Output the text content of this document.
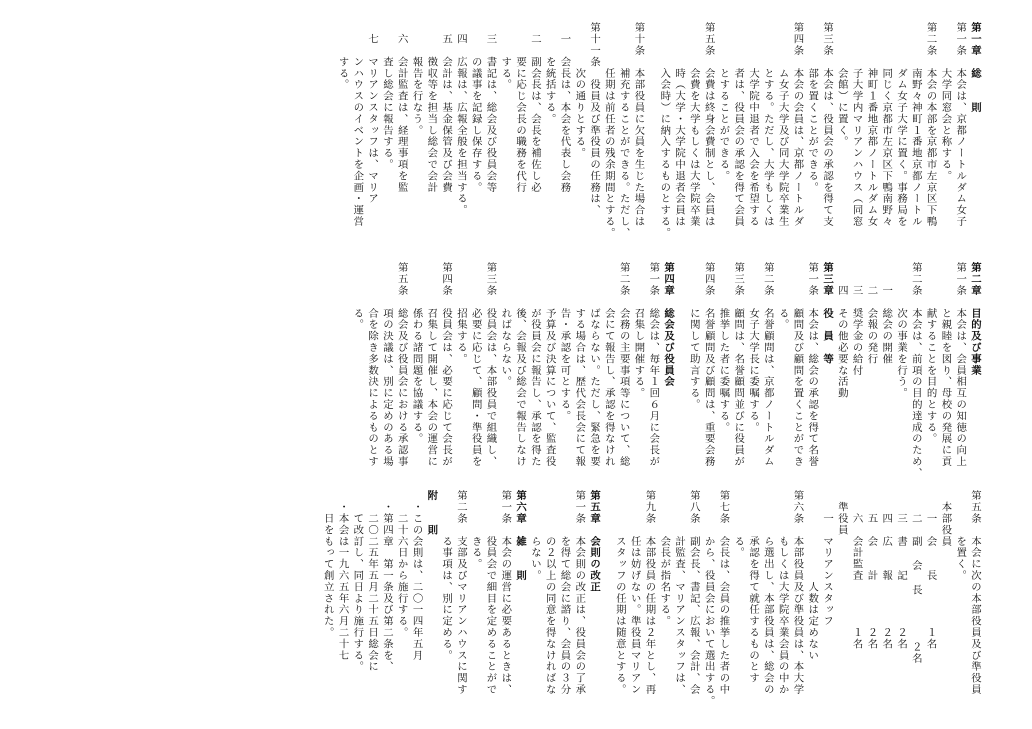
第一章　総　　則
第一条　本会は、京都ノートルダム女子
　　　　大学同窓会と称する。
第二条　本会の本部を京都市左京区下鴨
　　　　南野々神町１番地京都ノートル
　　　　ダム女子大学に置く。事務局を
　　　　同じく京都市左京区下鴨南野々
　　　　神町１番地京都ノートルダム女
　　　　子大学内マリアンハウス（同窓
　　　　会館）に置く。
第三条　本会は、役員会の承認を得て支
　　　　部を置くことができる。
第四条　本会の会員は、京都ノートルダ
　　　　ム女子大学及び同大学院卒業生
　　　　とする。ただし、大学もしくは
　　　　大学院中退者で入会を希望する
　　　　者は、役員会の承認を得て会員
　　　　とすることができる。
第五条　会費は終身会費制とし、会員は
　　　　会費を大学もしくは大学院卒業
　　　　時（大学・大学院中退者会員は
　　　　入会時）に納入するものとする。
第十条　本部役員に欠員を生じた場合は
　　　　補充することができる。ただし、
　　　　任期は前任者の残余期間とする。
第十一条　役員及び準役員の任務は、
　　　　次の通りとする。
　一　会長は、本会を代表し会務
　　　を統括する。
　二　副会長は、会長を補佐し必
　　　要に応じ会長の職務を代行
　　　する。
　三　書記は、総会及び役員会等
　　　の議事を記録し保存する。
　四　広報は、広報全般を担当する。
　五　会計は、基金保管及び会費
　　　徴収等を担当し総会で会計
　　　報告を行なう。
　六　会計監査は、経理事項を監
　　　査し総会に報告する。
　七　マリアンスタッフは、マリア
　　　ンハウスのイベントを企画・運営
　　　する。
第二章　目的及び事業
第一条　本会は、会員相互の知徳の向上
　　　　と親睦を図り、母校の発展に貢
　　　　献することを目的とする。
第二条　本会は、前項の目的達成のため、
　　　　次の事業を行う。
　　一　総会の開催
　　二　会報の発行
　　三　奨学金の給付
　　四　その他必要な活動
第三章　役　員　等
第一条　本会は、総会の承認を得て名誉
　　　　顧問及び顧問を置くことができ
　　　　る。
第二条　名誉顧問は、京都ノートルダム
　　　　女子大学長に委嘱する。
第三条　顧問は、名誉顧問並びに役員が
　　　　推挙した者に委嘱する。
第四条　名誉顧問及び顧問は、重要会務
　　　　に関して助言する。
第四章　総会及び役員会
第一条　総会は、毎年１回６月に会長が
　　　　召集し開催する。
第二条　会務の主要事項等について、総
　　　　会にて報告し、承認を得なけれ
　　　　ばならない。ただし、緊急を要
　　　　する場合は、歴代会長会にて報
　　　　告・承認を可とする。
　　　　予算及び決算について、監査役
　　　　が役員会に報告し、承認を得た
　　　　後、会報及び総会で報告しなけ
　　　　ればならない。
第三条　役員会は、本部役員で組織し、
　　　　必要に応じて、顧問・準役員を
　　　　招集する。
第四条　役員会は、必要に応じて会長が
　　　　召集して開催し、本会の運営に
　　　　係わる諸問題を協議する。
第五条　総会及び役員会における承認事
　　　　項の決議は、別に定めのある場
　　　　合を除き多数決によるものとす
　　　　る。
第五条　本会に次の本部役員及び準役員
　　　　を置く。
　本部役員
　　一　会　　長　　　　１名
　　二　副 会 長　　　　２名
　　三　書　　記　　　　２名
　　四　広　　報　　　　２名
　　五　会　　計　　　　２名
　　六　会計監査　　　　１名
　準役員
　　一　マリアンスタッフ
　　　　　　　　人数は定めない
第六条　本部役員及び準役員は、本大学
　　　　もしくは大学院卒業会員の中か
　　　　ら選出し、本部役員は、総会の
　　　　承認を得て就任するものとす
　　　　る。
第七条　会長は、会員の推挙した者の中
　　　　から、役員会において選出する。
第八条　副会長、書記、広報、会計、会
　　　　計監査、マリアンスタッフは、
　　　　会長が指名する。
第九条　本部役員の任期は２年とし、再
　　　　任は妨げない。準役員マリアン
　　　　スタッフの任期は随意とする。
第五章　会則の改正
第一条　本会則の改正は、役員会の了承
　　　　を得て総会に諮り、会員の３分
　　　　の２以上の同意を得なければな
　　　　らない。
第六章　雑　　則
第一条　本会の運営に必要あるときは、
　　　　役員会で細目を定めることがで
　　　　きる。
第二条　支部及びマリアンハウスに関す
　　　　る事項は、別に定める。
附　　則
　・この会則は、二〇一四年五月
　　二十六日から施行する。
　・第四章　第一条及び第二条を、
　　二〇二五年五月二十五日総会に
　　て改訂し、同日より施行する。
　・本会は一九六五年六月二十七
　　日をもって創立された。
